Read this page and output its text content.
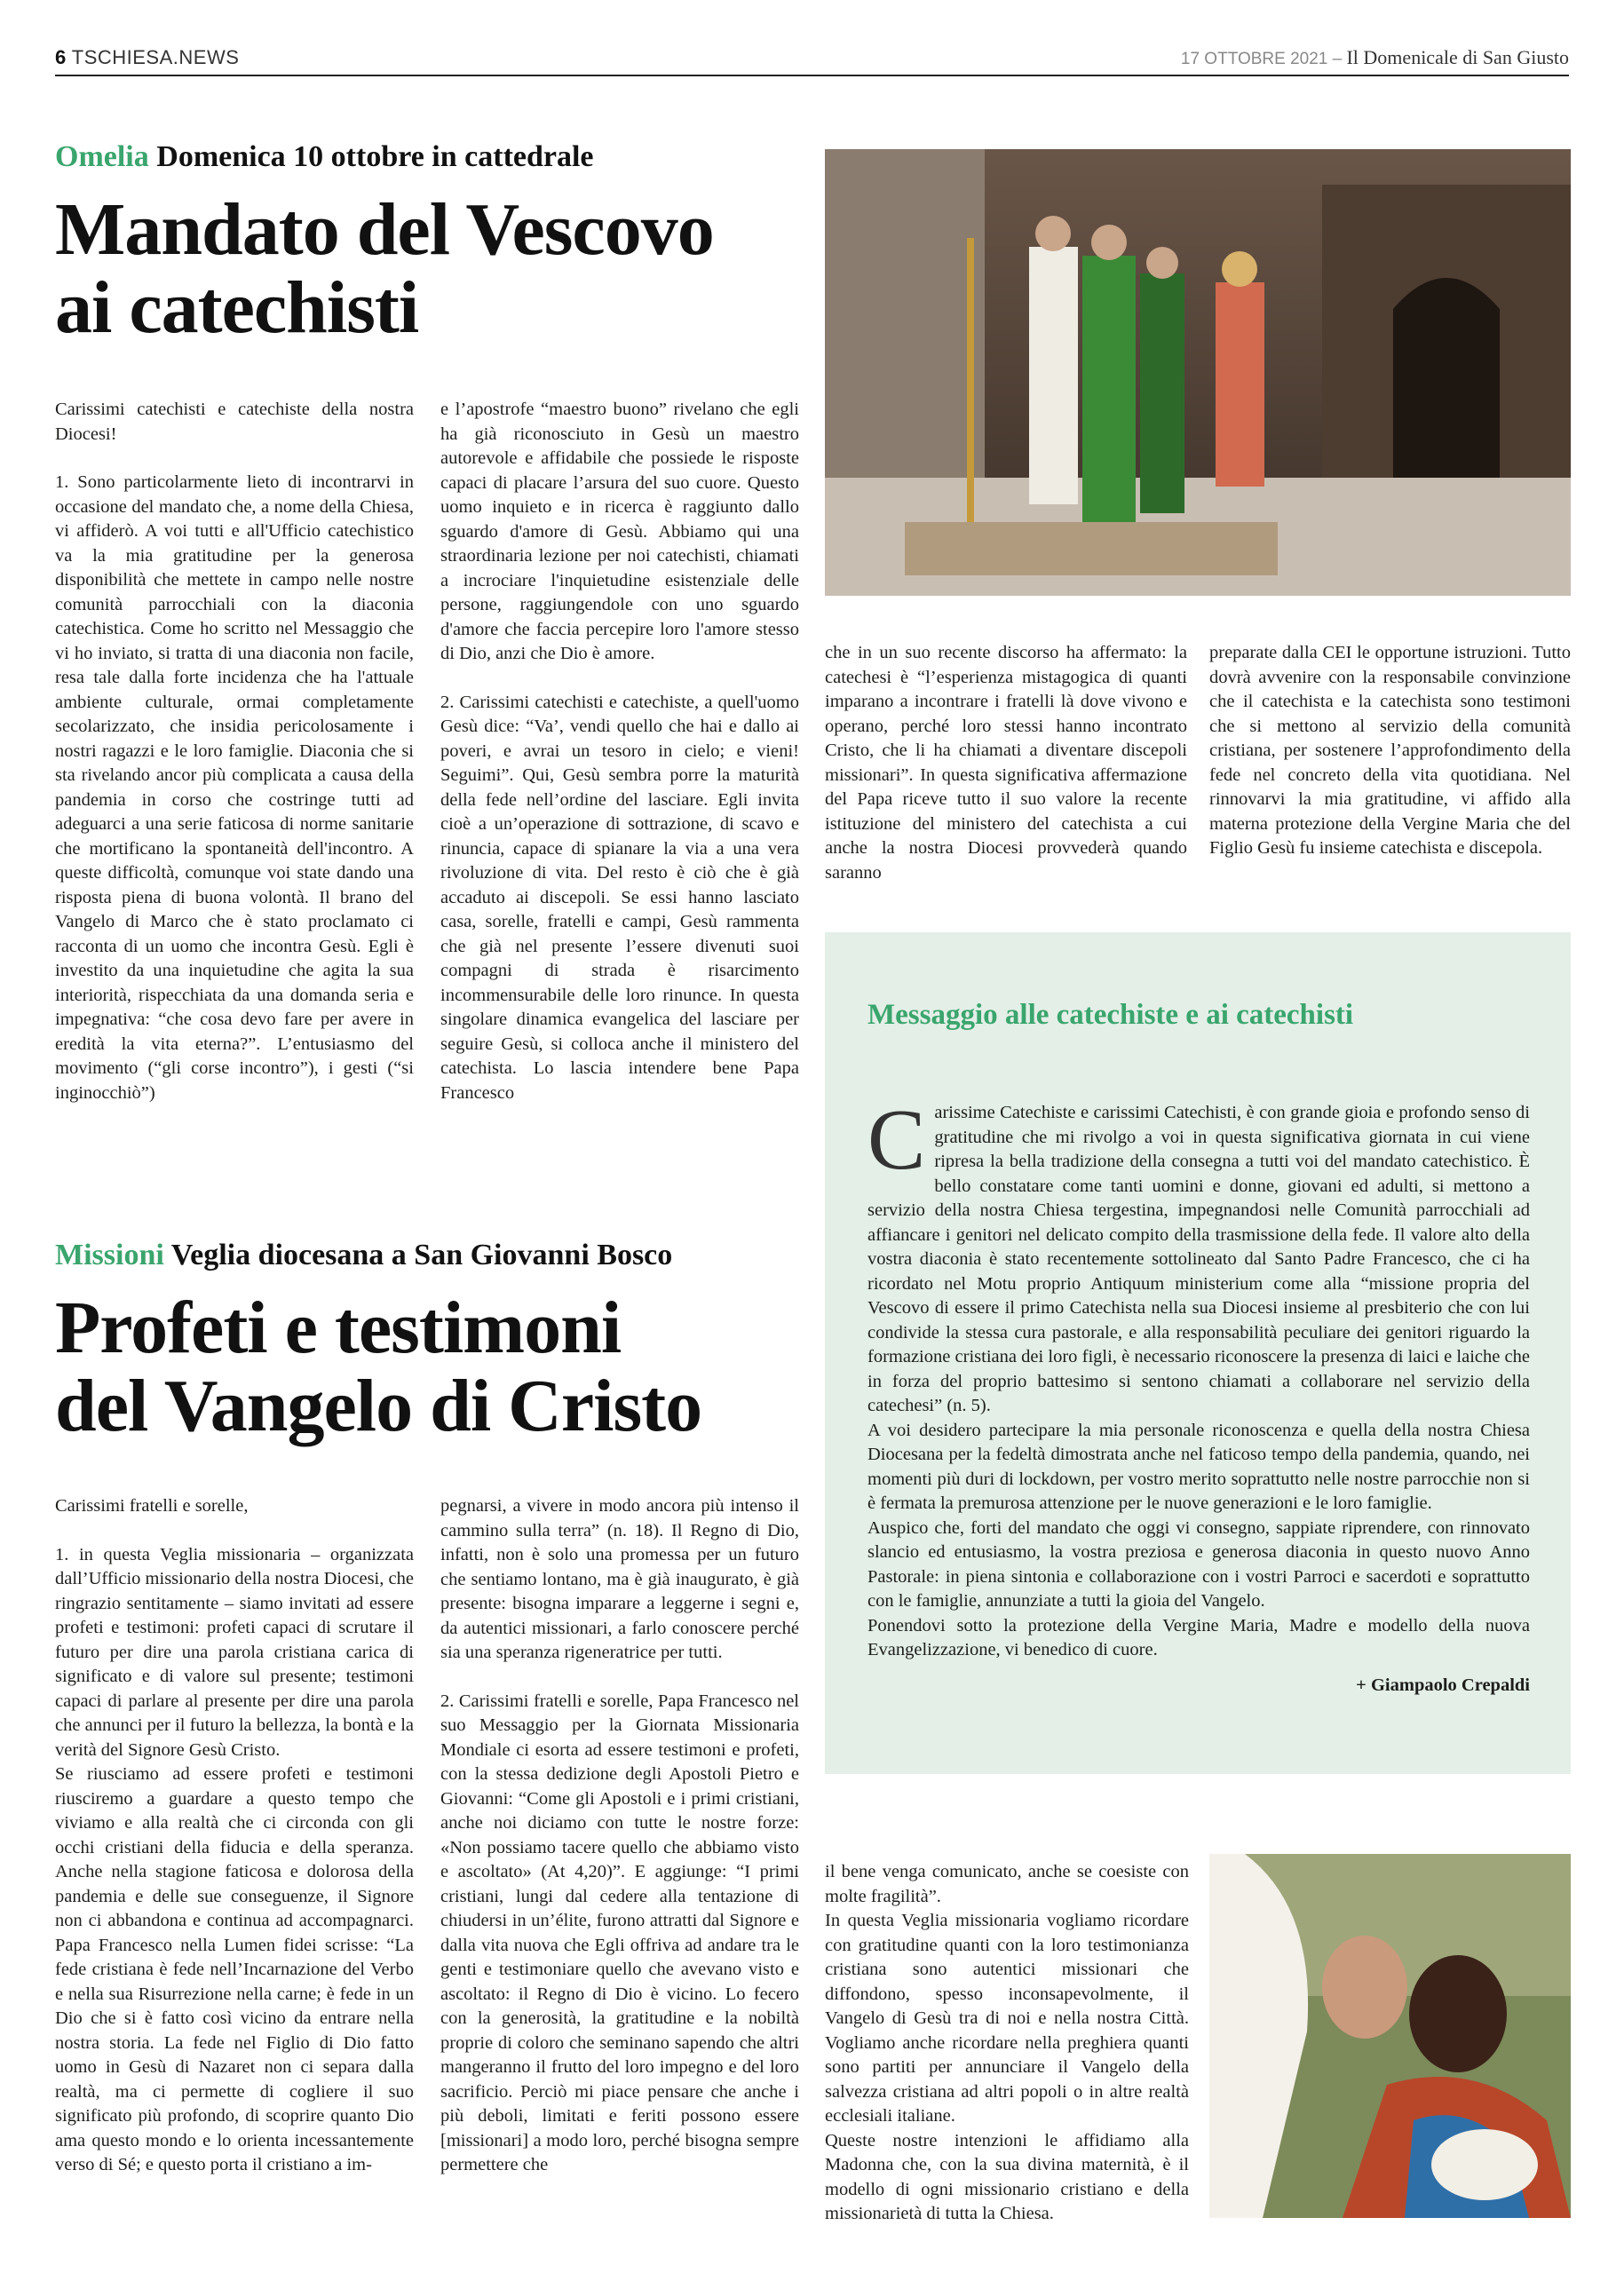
6 TSCHIESA.NEWS	17 OTTOBRE 2021 – Il Domenicale di San Giusto
Omelia Domenica 10 ottobre in cattedrale
Mandato del Vescovo
ai catechisti

Carissimi catechisti e catechiste della nostra Diocesi!

1. Sono particolarmente lieto di incontrarvi in occasione del mandato che, a nome della Chiesa, vi affiderò. A voi tutti e all'Ufficio catechistico va la mia gratitudine per la generosa disponibilità che mettete in campo nelle nostre comunità parrocchiali con la diaconia catechistica. Come ho scritto nel Messaggio che vi ho inviato, si tratta di una diaconia non facile, resa tale dalla forte incidenza che ha l'attuale ambiente culturale, ormai completamente secolarizzato, che insidia pericolosamente i nostri ragazzi e le loro famiglie. Diaconia che si sta rivelando ancor più complicata a causa della pandemia in corso che costringe tutti ad adeguarci a una serie faticosa di norme sanitarie che mortificano la spontaneità dell'incontro. A queste difficoltà, comunque voi state dando una risposta piena di buona volontà. Il brano del Vangelo di Marco che è stato proclamato ci racconta di un uomo che incontra Gesù. Egli è investito da una inquietudine che agita la sua interiorità, rispecchiata da una domanda seria e impegnativa: “che cosa devo fare per avere in eredità la vita eterna?”. L’entusiasmo del movimento (“gli corse incontro”), i gesti (“si inginocchiò”)

e l’apostrofe “maestro buono” rivelano che egli ha già riconosciuto in Gesù un maestro autorevole e affidabile che possiede le risposte capaci di placare l’arsura del suo cuore. Questo uomo inquieto e in ricerca è raggiunto dallo sguardo d'amore di Gesù. Abbiamo qui una straordinaria lezione per noi catechisti, chiamati a incrociare l'inquietudine esistenziale delle persone, raggiungendole con uno sguardo d'amore che faccia percepire loro l'amore stesso di Dio, anzi che Dio è amore.

2. Carissimi catechisti e catechiste, a quell'uomo Gesù dice: “Va’, vendi quello che hai e dallo ai poveri, e avrai un tesoro in cielo; e vieni! Seguimi”. Qui, Gesù sembra porre la maturità della fede nell’ordine del lasciare. Egli invita cioè a un’operazione di sottrazione, di scavo e rinuncia, capace di spianare la via a una vera rivoluzione di vita. Del resto è ciò che è già accaduto ai discepoli. Se essi hanno lasciato casa, sorelle, fratelli e campi, Gesù rammenta che già nel presente l’essere divenuti suoi compagni di strada è risarcimento incommensurabile delle loro rinunce. In questa singolare dinamica evangelica del lasciare per seguire Gesù, si colloca anche il ministero del catechista. Lo lascia intendere bene Papa Francesco

che in un suo recente discorso ha affermato: la catechesi è “l’esperienza mistagogica di quanti imparano a incontrare i fratelli là dove vivono e operano, perché loro stessi hanno incontrato Cristo, che li ha chiamati a diventare discepoli missionari”. In questa significativa affermazione del Papa riceve tutto il suo valore la recente istituzione del ministero del catechista a cui anche la nostra Diocesi provvederà quando saranno

preparate dalla CEI le opportune istruzioni. Tutto dovrà avvenire con la responsabile convinzione che il catechista e la catechista sono testimoni che si mettono al servizio della comunità cristiana, per sostenere l’approfondimento della fede nel concreto della vita quotidiana. Nel rinnovarvi la mia gratitudine, vi affido alla materna protezione della Vergine Maria che del Figlio Gesù fu insieme catechista e discepola.

Messaggio alle catechiste e ai catechisti
C arissime Catechiste e carissimi Catechisti, è con grande gioia e profondo senso di gratitudine che mi rivolgo a voi in questa significativa giornata in cui viene ripresa la bella tradizione della consegna a tutti voi del mandato catechistico. È bello constatare come tanti uomini e donne, giovani ed adulti, si mettono a servizio della nostra Chiesa tergestina, impegnandosi nelle Comunità parrocchiali ad affiancare i genitori nel delicato compito della trasmissione della fede. Il valore alto della vostra diaconia è stato recentemente sottolineato dal Santo Padre Francesco, che ci ha ricordato nel Motu proprio Antiquum ministerium come alla “missione propria del Vescovo di essere il primo Catechista nella sua Diocesi insieme al presbiterio che con lui condivide la stessa cura pastorale, e alla responsabilità peculiare dei genitori riguardo la formazione cristiana dei loro figli, è necessario riconoscere la presenza di laici e laiche che in forza del proprio battesimo si sentono chiamati a collaborare nel servizio della catechesi” (n. 5).

A voi desidero partecipare la mia personale riconoscenza e quella della nostra Chiesa Diocesana per la fedeltà dimostrata anche nel faticoso tempo della pandemia, quando, nei momenti più duri di lockdown, per vostro merito soprattutto nelle nostre parrocchie non si è fermata la premurosa attenzione per le nuove generazioni e le loro famiglie.

Auspico che, forti del mandato che oggi vi consegno, sappiate riprendere, con rinnovato slancio ed entusiasmo, la vostra preziosa e generosa diaconia in questo nuovo Anno Pastorale: in piena sintonia e collaborazione con i vostri Parroci e sacerdoti e soprattutto con le famiglie, annunziate a tutti la gioia del Vangelo.

Ponendovi sotto la protezione della Vergine Maria, Madre e modello della nuova Evangelizzazione, vi benedico di cuore.

+ Giampaolo Crepaldi
Missioni Veglia diocesana a San Giovanni Bosco
Profeti e testimoni
del Vangelo di Cristo

Carissimi fratelli e sorelle,

1. in questa Veglia missionaria – organizzata dall’Ufficio missionario della nostra Diocesi, che ringrazio sentitamente – siamo invitati ad essere profeti e testimoni: profeti capaci di scrutare il futuro per dire una parola cristiana carica di significato e di valore sul presente; testimoni capaci di parlare al presente per dire una parola che annunci per il futuro la bellezza, la bontà e la verità del Signore Gesù Cristo.

Se riusciamo ad essere profeti e testimoni riusciremo a guardare a questo tempo che viviamo e alla realtà che ci circonda con gli occhi cristiani della fiducia e della speranza. Anche nella stagione faticosa e dolorosa della pandemia e delle sue conseguenze, il Signore non ci abbandona e continua ad accompagnarci. Papa Francesco nella Lumen fidei scrisse: “La fede cristiana è fede nell’Incarnazione del Verbo e nella sua Risurrezione nella carne; è fede in un Dio che si è fatto così vicino da entrare nella nostra storia. La fede nel Figlio di Dio fatto uomo in Gesù di Nazaret non ci separa dalla realtà, ma ci permette di cogliere il suo significato più profondo, di scoprire quanto Dio ama questo mondo e lo orienta incessantemente verso di Sé; e questo porta il cristiano a im-

pegnarsi, a vivere in modo ancora più intenso il cammino sulla terra” (n. 18). Il Regno di Dio, infatti, non è solo una promessa per un futuro che sentiamo lontano, ma è già inaugurato, è già presente: bisogna imparare a leggerne i segni e, da autentici missionari, a farlo conoscere perché sia una speranza rigeneratrice per tutti.

2. Carissimi fratelli e sorelle, Papa Francesco nel suo Messaggio per la Giornata Missionaria Mondiale ci esorta ad essere testimoni e profeti, con la stessa dedizione degli Apostoli Pietro e Giovanni: “Come gli Apostoli e i primi cristiani, anche noi diciamo con tutte le nostre forze: «Non possiamo tacere quello che abbiamo visto e ascoltato» (At 4,20)”. E aggiunge: “I primi cristiani, lungi dal cedere alla tentazione di chiudersi in un’élite, furono attratti dal Signore e dalla vita nuova che Egli offriva ad andare tra le genti e testimoniare quello che avevano visto e ascoltato: il Regno di Dio è vicino. Lo fecero con la generosità, la gratitudine e la nobiltà proprie di coloro che seminano sapendo che altri mangeranno il frutto del loro impegno e del loro sacrificio. Perciò mi piace pensare che anche i più deboli, limitati e feriti possono essere [missionari] a modo loro, perché bisogna sempre permettere che

il bene venga comunicato, anche se coesiste con molte fragilità”.

In questa Veglia missionaria vogliamo ricordare con gratitudine quanti con la loro testimonianza cristiana sono autentici missionari che diffondono, spesso inconsapevolmente, il Vangelo di Gesù tra di noi e nella nostra Città. Vogliamo anche ricordare nella preghiera quanti sono partiti per annunciare il Vangelo della salvezza cristiana ad altri popoli o in altre realtà ecclesiali italiane.

Queste nostre intenzioni le affidiamo alla Madonna che, con la sua divina maternità, è il modello di ogni missionario cristiano e della missionarietà di tutta la Chiesa.
